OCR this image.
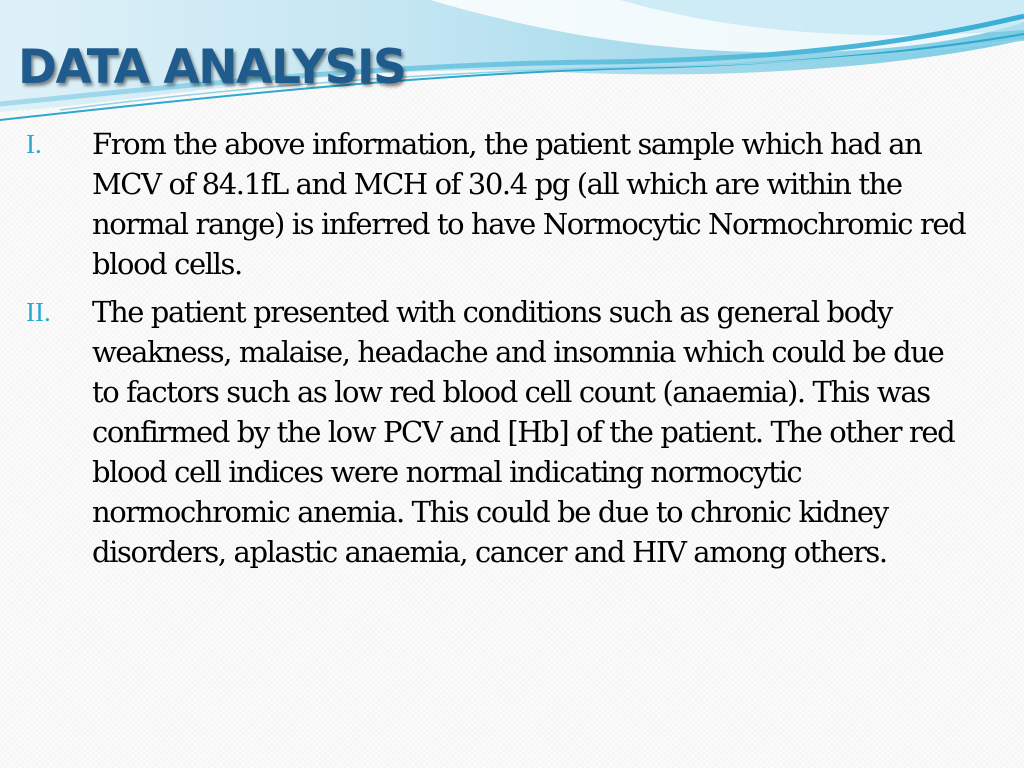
DATA ANALYSIS
I. From the above information, the patient sample which had an MCV of 84.1fL and MCH of 30.4 pg (all which are within the normal range) is inferred to have Normocytic Normochromic red blood cells.
II. The patient presented with conditions such as general body weakness, malaise, headache and insomnia which could be due to factors such as low red blood cell count (anaemia). This was confirmed by the low PCV and [Hb] of the patient. The other red blood cell indices were normal indicating normocytic normochromic anemia. This could be due to chronic kidney disorders, aplastic anaemia, cancer and HIV among others.
